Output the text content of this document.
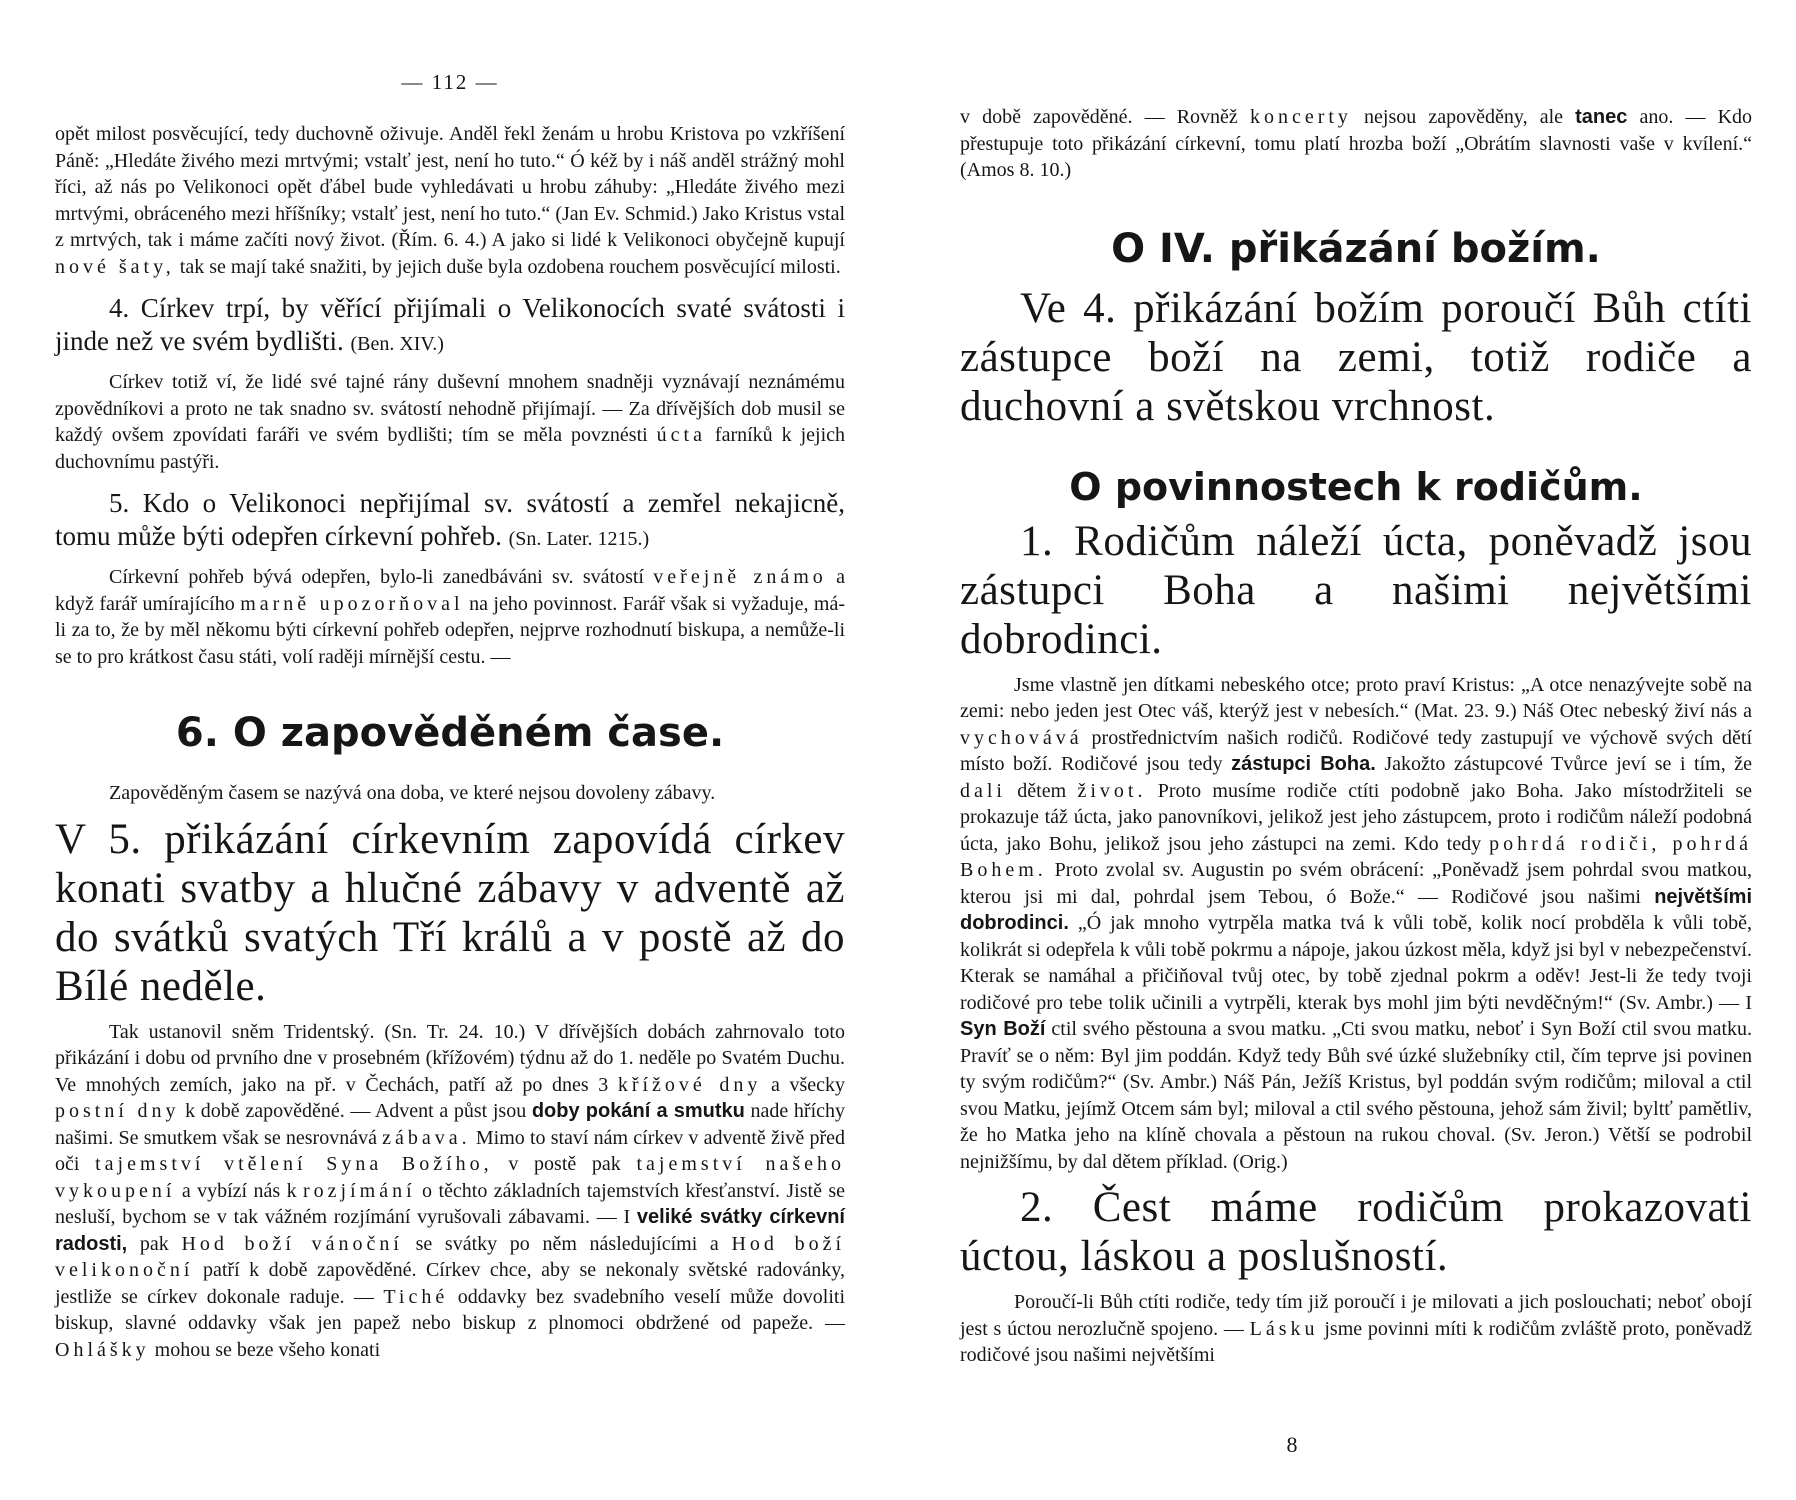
— 112 —

opět milost posvěcující, tedy duchovně oživuje. Anděl řekl ženám u hrobu Kristova po vzkříšení Páně: „Hledáte živého mezi mrtvými; vstalť jest, není ho tuto.“ Ó kéž by i náš anděl strážný mohl říci, až nás po Velikonoci opět ďábel bude vyhledávati u hrobu záhuby: „Hledáte živého mezi mrtvými, obráceného mezi hříšníky; vstalť jest, není ho tuto.“ (Jan Ev. Schmid.) Jako Kristus vstal z mrtvých, tak i máme začíti nový život. (Řím. 6. 4.) A jako si lidé k Velikonoci obyčejně kupují nové šaty, tak se mají také snažiti, by jejich duše byla ozdobena rouchem posvěcující milosti.

4. Církev trpí, by věřící přijímali o Velikonocích svaté svátosti i jinde než ve svém bydlišti. (Ben. XIV.)

Církev totiž ví, že lidé své tajné rány duševní mnohem snadněji vyznávají neznámému zpovědníkovi a proto ne tak snadno sv. svátostí nehodně přijímají. — Za dřívějších dob musil se každý ovšem zpovídati faráři ve svém bydlišti; tím se měla povznésti úcta farníků k jejich duchovnímu pastýři.

5. Kdo o Velikonoci nepřijímal sv. svátostí a zemřel nekajicně, tomu může býti odepřen církevní pohřeb. (Sn. Later. 1215.)

Církevní pohřeb bývá odepřen, bylo-li zanedbáváni sv. svátostí veřejně známo a když farář umírajícího marně upozorňoval na jeho povinnost. Farář však si vyžaduje, má-li za to, že by měl někomu býti církevní pohřeb odepřen, nejprve rozhodnutí biskupa, a nemůže-li se to pro krátkost času státi, volí raději mírnější cestu. —

6. O zapověděném čase.

Zapověděným časem se nazývá ona doba, ve které nejsou dovoleny zábavy.

V 5. přikázání církevním zapovídá církev konati svatby a hlučné zábavy v adventě až do svátků svatých Tří králů a v postě až do Bílé neděle.

Tak ustanovil sněm Tridentský. (Sn. Tr. 24. 10.) V dřívějších dobách zahrnovalo toto přikázání i dobu od prvního dne v prosebném (křížovém) týdnu až do 1. neděle po Svatém Duchu. Ve mnohých zemích, jako na př. v Čechách, patří až po dnes 3 křížové dny a všecky postní dny k době zapověděné. — Advent a půst jsou doby pokání a smutku nade hříchy našimi. Se smutkem však se nesrovnává zábava. Mimo to staví nám církev v adventě živě před oči tajemství vtělení Syna Božího, v postě pak tajemství našeho vykoupení a vybízí nás k rozjímání o těchto základních tajemstvích křesťanství. Jistě se nesluší, bychom se v tak vážném rozjímání vyrušovali zábavami. — I veliké svátky církevní radosti, pak Hod boží vánoční se svátky po něm následujícími a Hod boží velikonoční patří k době zapověděné. Církev chce, aby se nekonaly světské radovánky, jestliže se církev dokonale raduje. — Tiché oddavky bez svadebního veselí může dovoliti biskup, slavné oddavky však jen papež nebo biskup z plnomoci obdržené od papeže. — Ohlášky mohou se beze všeho konati

v době zapověděné. — Rovněž koncerty nejsou zapověděny, ale tanec ano. — Kdo přestupuje toto přikázání církevní, tomu platí hrozba boží „Obrátím slavnosti vaše v kvílení.“ (Amos 8. 10.)

O IV. přikázání božím.

Ve 4. přikázání božím poroučí Bůh ctíti zástupce boží na zemi, totiž rodiče a duchovní a světskou vrchnost.

O povinnostech k rodičům.

1. Rodičům náleží úcta, poněvadž jsou zástupci Boha a našimi největšími dobrodinci.

Jsme vlastně jen dítkami nebeského otce; proto praví Kristus: „A otce nenazývejte sobě na zemi: nebo jeden jest Otec váš, kterýž jest v nebesích.“ (Mat. 23. 9.) Náš Otec nebeský živí nás a vychovává prostřednictvím našich rodičů. Rodičové tedy zastupují ve výchově svých dětí místo boží. Rodičové jsou tedy zástupci Boha. Jakožto zástupcové Tvůrce jeví se i tím, že dali dětem život. Proto musíme rodiče ctíti podobně jako Boha. Jako místodržiteli se prokazuje táž úcta, jako panovníkovi, jelikož jest jeho zástupcem, proto i rodičům náleží podobná úcta, jako Bohu, jelikož jsou jeho zástupci na zemi. Kdo tedy pohrdá rodiči, pohrdá Bohem. Proto zvolal sv. Augustin po svém obrácení: „Poněvadž jsem pohrdal svou matkou, kterou jsi mi dal, pohrdal jsem Tebou, ó Bože.“ — Rodičové jsou našimi největšími dobrodinci. „Ó jak mnoho vytrpěla matka tvá k vůli tobě, kolik nocí probděla k vůli tobě, kolikrát si odepřela k vůli tobě pokrmu a nápoje, jakou úzkost měla, když jsi byl v nebezpečenství. Kterak se namáhal a přičiňoval tvůj otec, by tobě zjednal pokrm a oděv! Jest-li že tedy tvoji rodičové pro tebe tolik učinili a vytrpěli, kterak bys mohl jim býti nevděčným!“ (Sv. Ambr.) — I Syn Boží ctil svého pěstouna a svou matku. „Cti svou matku, neboť i Syn Boží ctil svou matku. Pravíť se o něm: Byl jim poddán. Když tedy Bůh své úzké služebníky ctil, čím teprve jsi povinen ty svým rodičům?“ (Sv. Ambr.) Náš Pán, Ježíš Kristus, byl poddán svým rodičům; miloval a ctil svou Matku, jejímž Otcem sám byl; miloval a ctil svého pěstouna, jehož sám živil; byltť pamětliv, že ho Matka jeho na klíně chovala a pěstoun na rukou choval. (Sv. Jeron.) Větší se podrobil nejnižšímu, by dal dětem příklad. (Orig.)

2. Čest máme rodičům prokazovati úctou, láskou a poslušností.

Poroučí-li Bůh ctíti rodiče, tedy tím již poroučí i je milovati a jich poslouchati; neboť obojí jest s úctou nerozlučně spojeno. — Lásku jsme povinni míti k rodičům zvláště proto, poněvadž rodičové jsou našimi největšími

8
